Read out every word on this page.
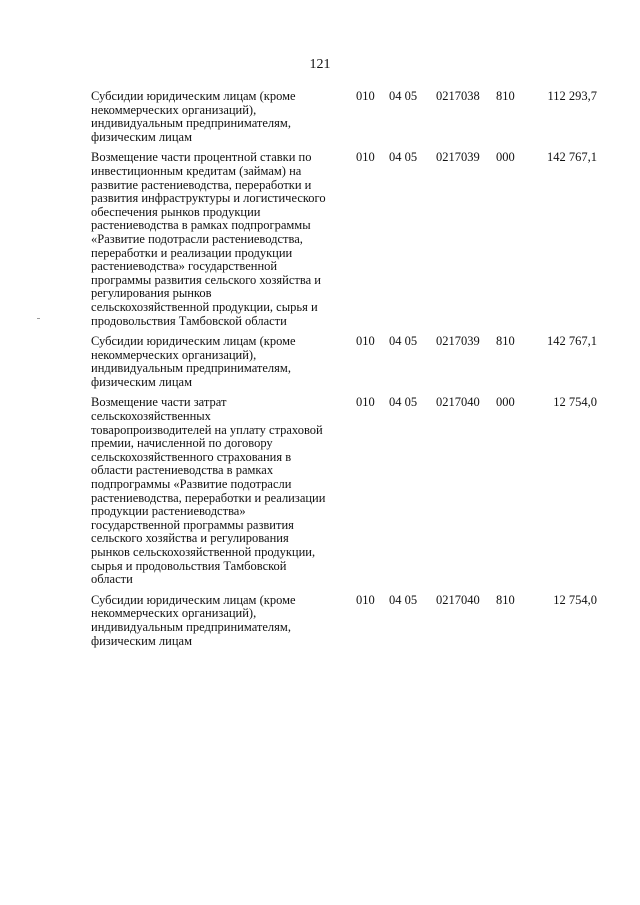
121
Субсидии юридическим лицам (кроме
некоммерческих организаций),
индивидуальным предпринимателям,
физическим лицам
010 04 05 0217038 810	112 293,7
Возмещение части процентной ставки по
инвестиционным кредитам (займам) на
развитие растениеводства, переработки и
развития инфраструктуры и логистического
обеспечения рынков продукции
растениеводства в рамках подпрограммы
«Развитие подотрасли растениеводства,
переработки и реализации продукции
растениеводства» государственной
программы развития сельского хозяйства и
регулирования рынков
сельскохозяйственной продукции, сырья и
продовольствия Тамбовской области
010 04 05 0217039 000	142 767,1
Субсидии юридическим лицам (кроме
некоммерческих организаций),
индивидуальным предпринимателям,
физическим лицам
010 04 05 0217039 810	142 767,1
Возмещение части затрат
сельскохозяйственных
товаропроизводителей на уплату страховой
премии, начисленной по договору
сельскохозяйственного страхования в
области растениеводства в рамках
подпрограммы «Развитие подотрасли
растениеводства, переработки и реализации
продукции растениеводства»
государственной программы развития
сельского хозяйства и регулирования
рынков сельскохозяйственной продукции,
сырья и продовольствия Тамбовской
области
010 04 05 0217040 000	12 754,0
Субсидии юридическим лицам (кроме
некоммерческих организаций),
индивидуальным предпринимателям,
физическим лицам
010 04 05 0217040 810	12 754,0
